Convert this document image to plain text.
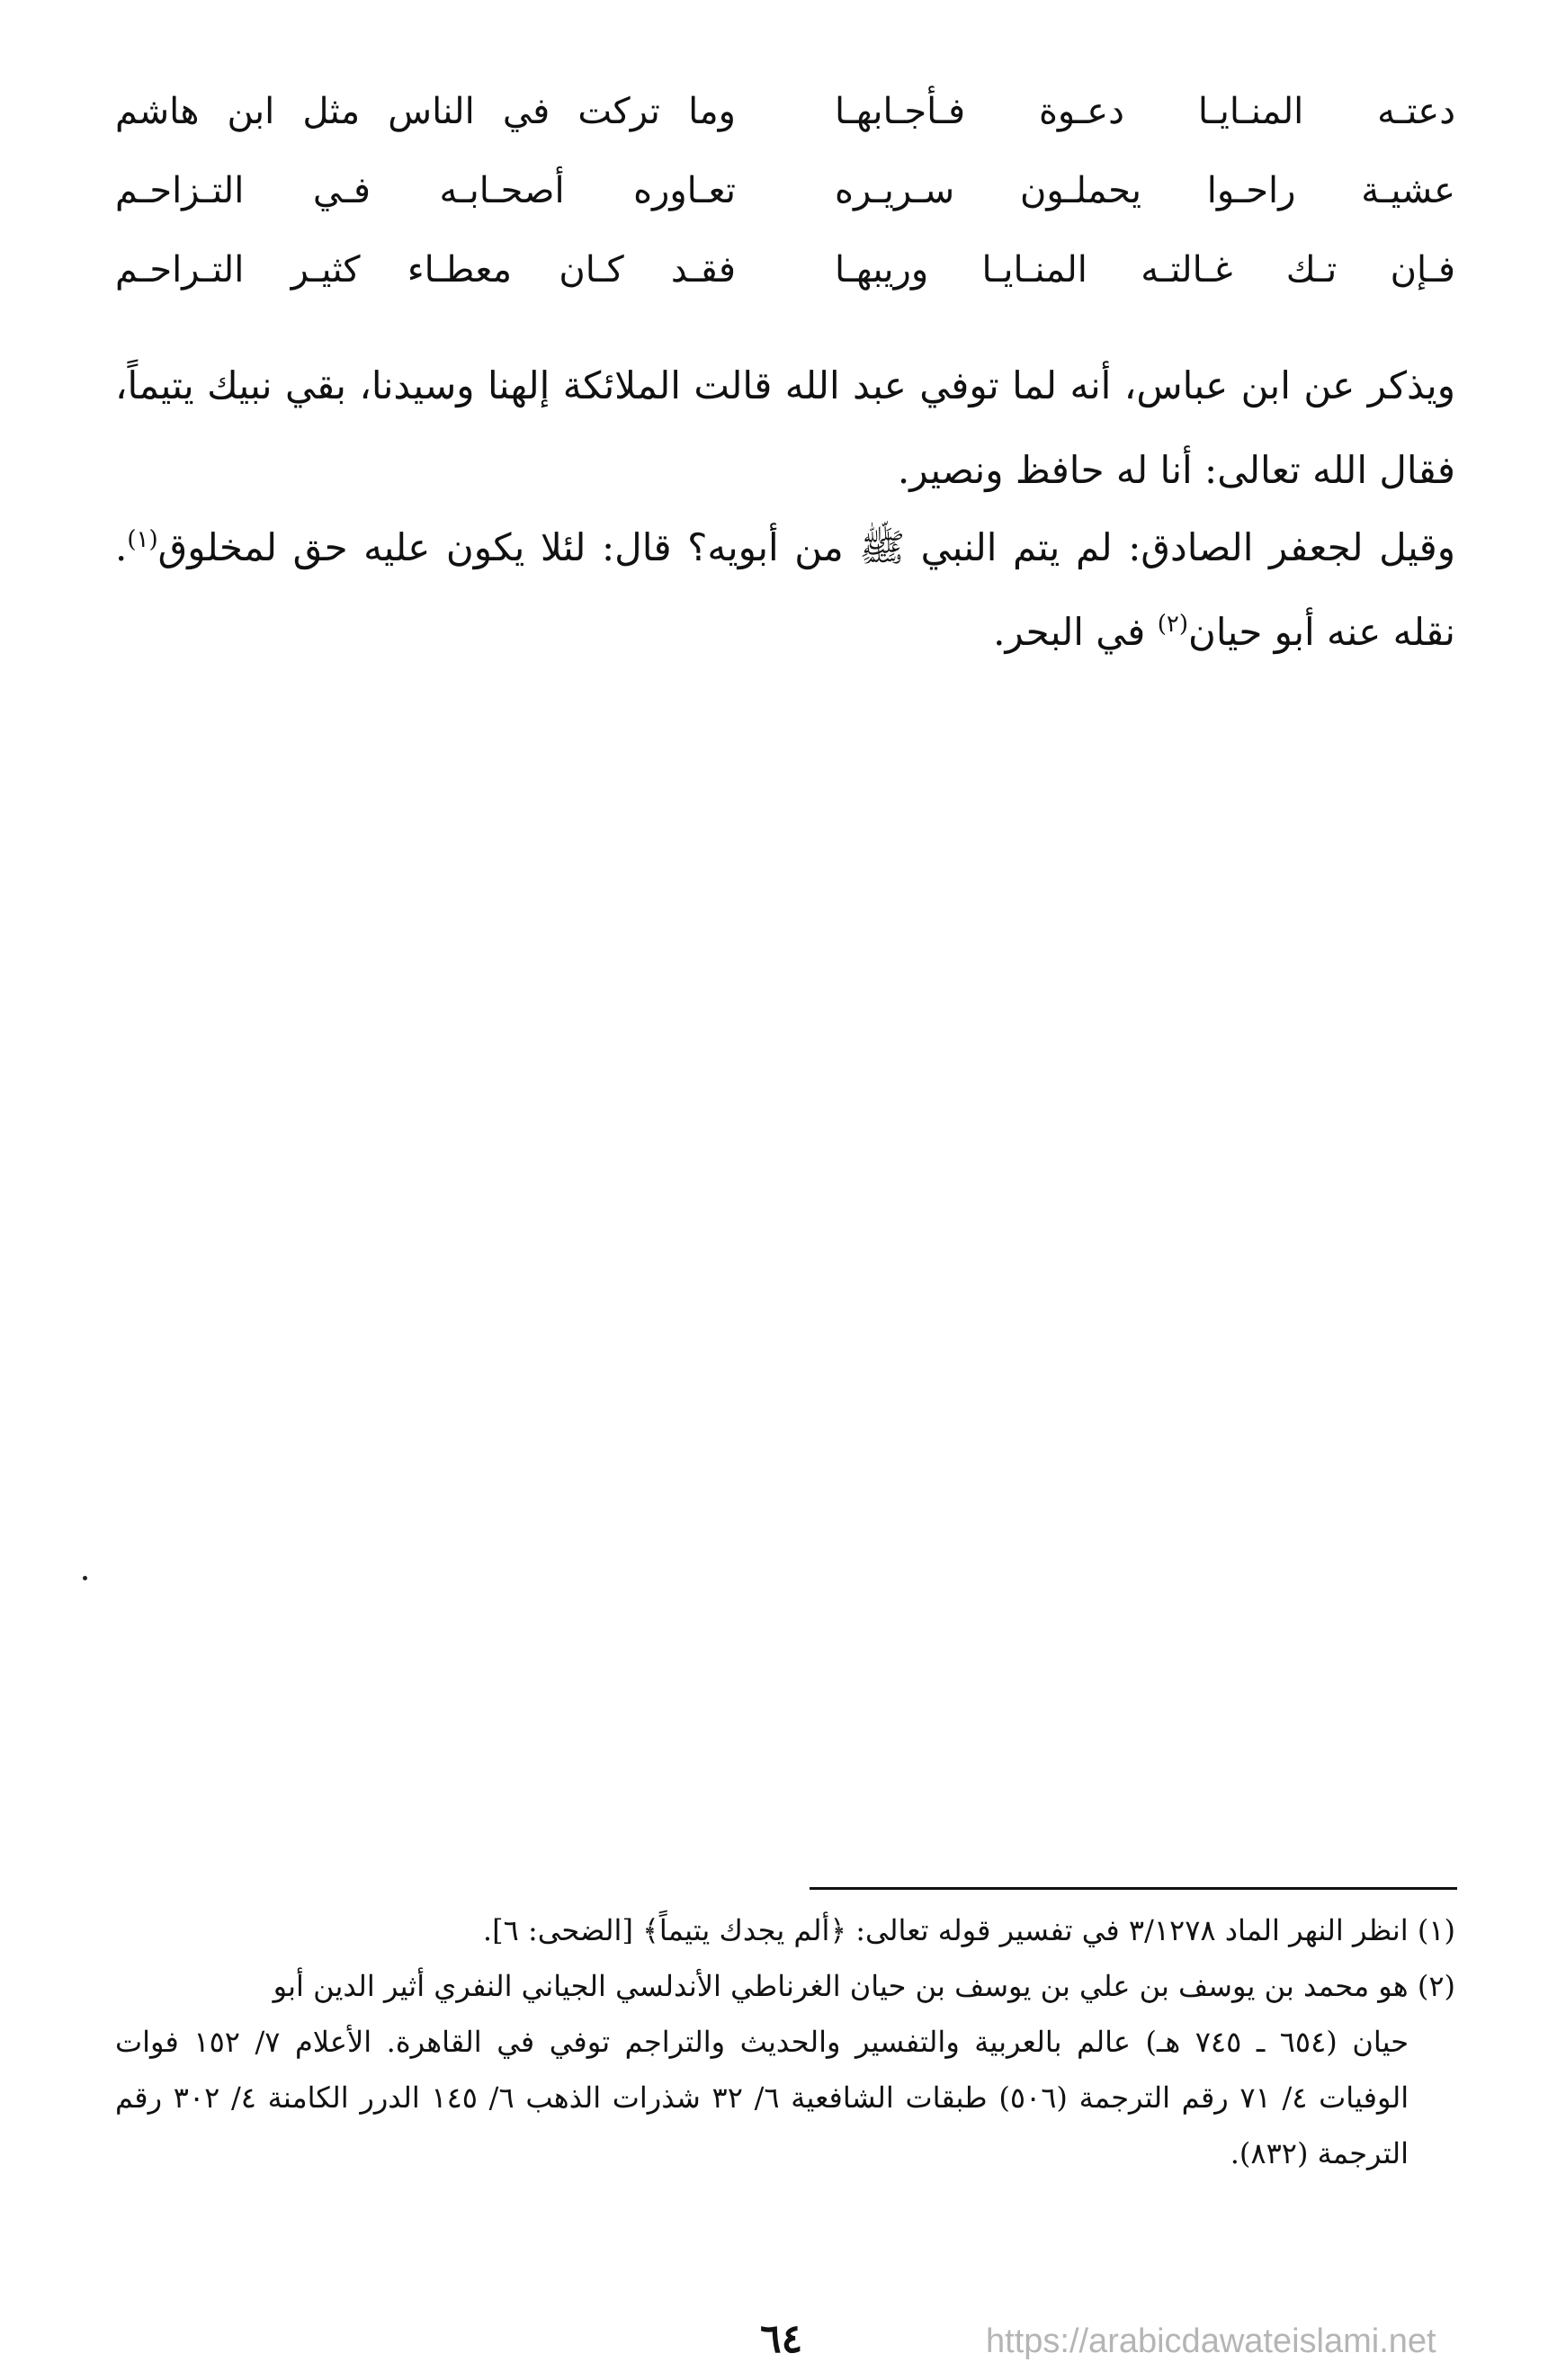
دعتـه المنـايـا دعـوة فـأجـابهـا
وما تركت في الناس مثل ابن هاشم
عشيـة راحـوا يحملـون سـريـره
تعـاوره أصحـابـه فـي التـزاحـم
فـإن تـك غـالتـه المنـايـا وريبهـا
فقـد كـان معطـاء كثيـر التـراحـم

ويذكر عن ابن عباس، أنه لما توفي عبد الله قالت الملائكة إلهنا وسيدنا، بقي نبيك يتيماً، فقال الله تعالى: أنا له حافظ ونصير.

وقيل لجعفر الصادق: لم يتم النبي ﷺ من أبويه؟ قال: لئلا يكون عليه حق لمخلوق$^{(١)}$. نقله عنه أبو حيان$^{(٢)}$ في البحر.

(١) انظر النهر الماد ٣/١٢٧٨ في تفسير قوله تعالى: ﴿ألم يجدك يتيماً﴾ [الضحى: ٦].

(٢) هو محمد بن يوسف بن علي بن يوسف بن حيان الغرناطي الأندلسي الجياني النفري أثير الدين أبو

حيان (٦٥٤ ـ ٧٤٥ هـ) عالم بالعربية والتفسير والحديث والتراجم توفي في القاهرة. الأعلام ٧/ ١٥٢ فوات الوفيات ٤/ ٧١ رقم الترجمة (٥٠٦) طبقات الشافعية ٦/ ٣٢ شذرات الذهب ٦/ ١٤٥ الدرر الكامنة ٤/ ٣٠٢ رقم الترجمة (٨٣٢).

٦٤	https://arabicdawateislami.net
